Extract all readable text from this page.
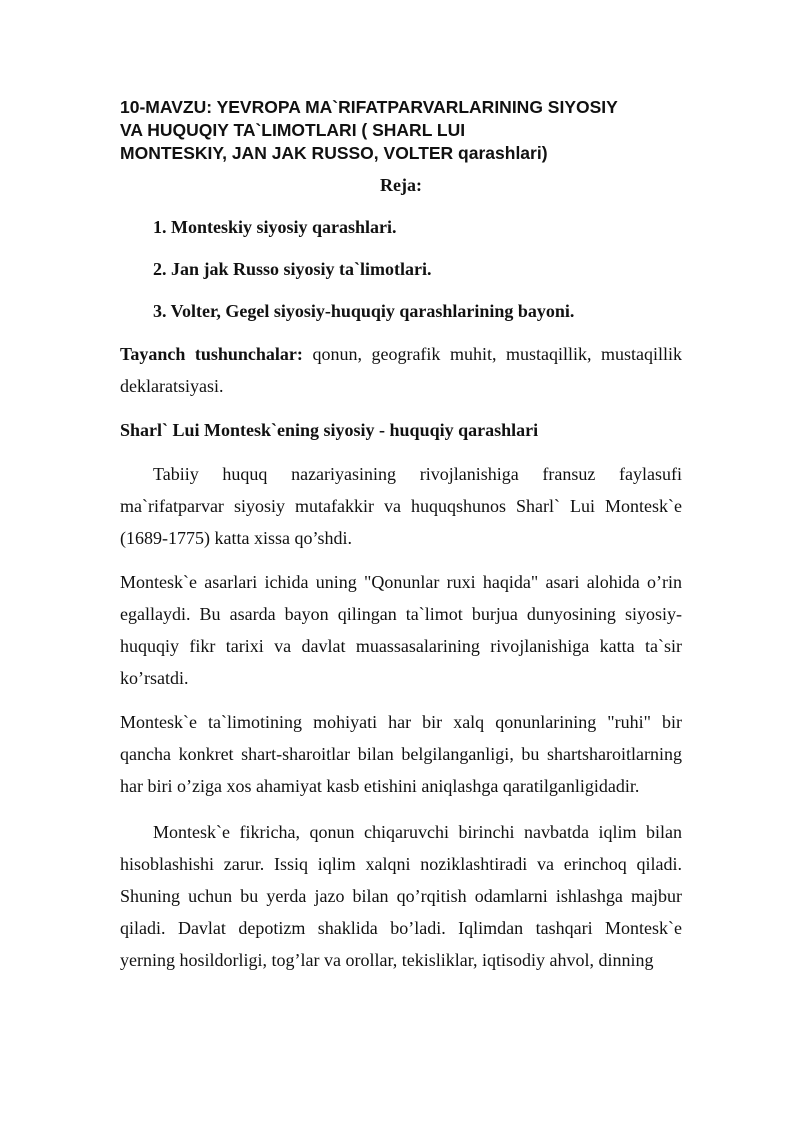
10-MAVZU: YEVROPA MA`RIFATPARVARLARINING SIYOSIY
VA HUQUQIY TA`LIMOTLARI ( SHARL LUI
MONTESKIY, JAN JAK RUSSO, VOLTER qarashlari)
Reja:
1. Monteskiy siyosiy qarashlari.
2. Jan jak Russo siyosiy ta`limotlari.
3. Volter, Gegel siyosiy-huquqiy qarashlarining bayoni.

Tayanch tushunchalar: qonun, geografik muhit, mustaqillik, mustaqillik deklaratsiyasi.

Sharl` Lui Montesk`ening siyosiy - huquqiy qarashlari

Tabiiy huquq nazariyasining rivojlanishiga fransuz faylasufi ma`rifatparvar siyosiy mutafakkir va huquqshunos Sharl` Lui Montesk`e (1689-1775) katta xissa qo’shdi.

Montesk`e asarlari ichida uning "Qonunlar ruxi haqida" asari alohida o’rin egallaydi. Bu asarda bayon qilingan ta`limot burjua dunyosining siyosiy-huquqiy fikr tarixi va davlat muassasalarining rivojlanishiga katta ta`sir ko’rsatdi.

Montesk`e ta`limotining mohiyati har bir xalq qonunlarining "ruhi" bir qancha konkret shart-sharoitlar bilan belgilanganligi, bu shartsharoitlarning har biri o’ziga xos ahamiyat kasb etishini aniqlashga qaratilganligidadir.

Montesk`e fikricha, qonun chiqaruvchi birinchi navbatda iqlim bilan hisoblashishi zarur. Issiq iqlim xalqni noziklashtiradi va erinchoq qiladi. Shuning uchun bu yerda jazo bilan qo’rqitish odamlarni ishlashga majbur qiladi. Davlat depotizm shaklida bo’ladi. Iqlimdan tashqari Montesk`e yerning hosildorligi, tog’lar va orollar, tekisliklar, iqtisodiy ahvol, dinning
